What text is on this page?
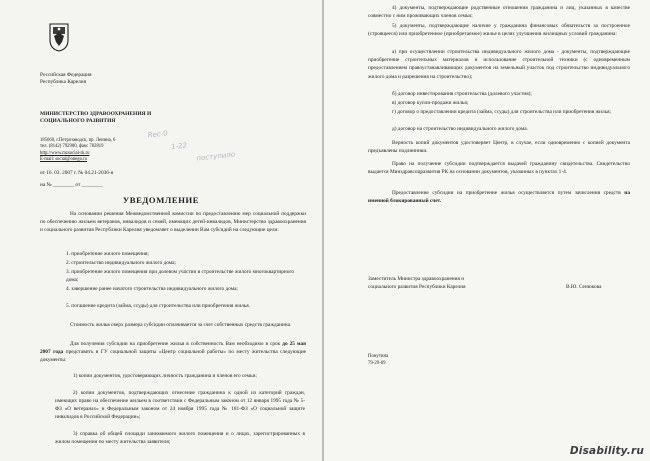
Российская Федерация
Республика Карелия
МИНИСТЕРСТВО ЗДРАВООХРАНЕНИЯ И
СОЦИАЛЬНОГО РАЗВИТИЯ
185660, г.Петрозаводск, пр. Ленина, 6
тел. (8142) 792900, факс 782819
http://www.mzsocial-rk.ru
E-mail: social@onego.ru
от 16. 03. 2007 г. № 04.21-2036-и
на № ________ от ________
Rec-0
1-22
поступило
УВЕДОМЛЕНИЕ
На основании решения Межведомственной комиссии по предоставлению мер социальной поддержки по обеспечению жильем ветеранов, инвалидов и семей, имеющих детей-инвалидов, Министерство здравоохранения и социального развития Республики Карелия уведомляет о выделении Вам субсидий на следующие цели:
1. приобретение жилого помещения;
2. строительство индивидуального жилого дома;
3. приобретение жилого помещения при долевом участии в строительстве жилого многоквартирного дома;
4. завершение ранее начатого строительства индивидуального жилого дома;
5. погашение кредита (займа, ссуды) для строительства или приобретения жилья.
Стоимость жилья сверх размера субсидии оплачивается за счет собственных средств гражданина.
Для получения субсидии на приобретение жилья в собственность Вам необходимо в срок до 25 мая 2007 года представить в ГУ социальной защиты «Центр социальной работы» по месту жительства следующие документы:
1) копии документов, удостоверяющих личность гражданина и членов его семьи;
2) копии документов, подтверждающих отнесение гражданина к одной из категорий граждан, имеющих право на обеспечение жильем в соответствии с Федеральным законом от 12 января 1995 года № 5-ФЗ «О ветеранах» и Федеральным законом от 24 ноября 1995 года № 181-ФЗ «О социальной защите инвалидов в Российской Федерации»;
3) справка об общей площади занимаемого жилого помещения и о лицах, зарегистрированных в жилом помещении по месту жительства заявителя;
4) документы, подтверждающие родственные отношения гражданина и лиц, указанных в качестве совместно с ним проживающих членов семьи;
5) документы, подтверждающие наличие у гражданина финансовых обязательств за построенное (строящееся) или приобретенное (приобретаемое) жилье в целях улучшения жилищных условий гражданина:
а) при осуществлении строительства индивидуального жилого дома - документы, подтверждающие приобретение строительных материалов и использование строительной техники (с одновременным предоставлением правоустанавливающих документов на земельный участок под строительство индивидуального жилого дома и разрешения на строительство);
б) договор инвестирования строительства (долевого участия);
в) договор купли-продажи жилья;
г) договор о предоставлении кредита (займа, ссуды) для строительства или приобретения жилья;
д) договор на строительство индивидуального жилого дома.
Верность копий документов удостоверяет Центр, в случае, если одновременно с копией документа предъявлены подлинники.
Право на получение субсидии подтверждается выдачей гражданину свидетельства. Свидетельство выдается Минздравсоцразвития РК на основании документов, указанных в пунктах 1-4.
Предоставление субсидии на приобретение жилья осуществляется путем зачисления средств на именной блокированный счет.
Заместитель Министра здравоохранения и
социального развития Республики Карелия	В.Ю. Сенюкова
Понутина
79-29-69
Disability.ru
